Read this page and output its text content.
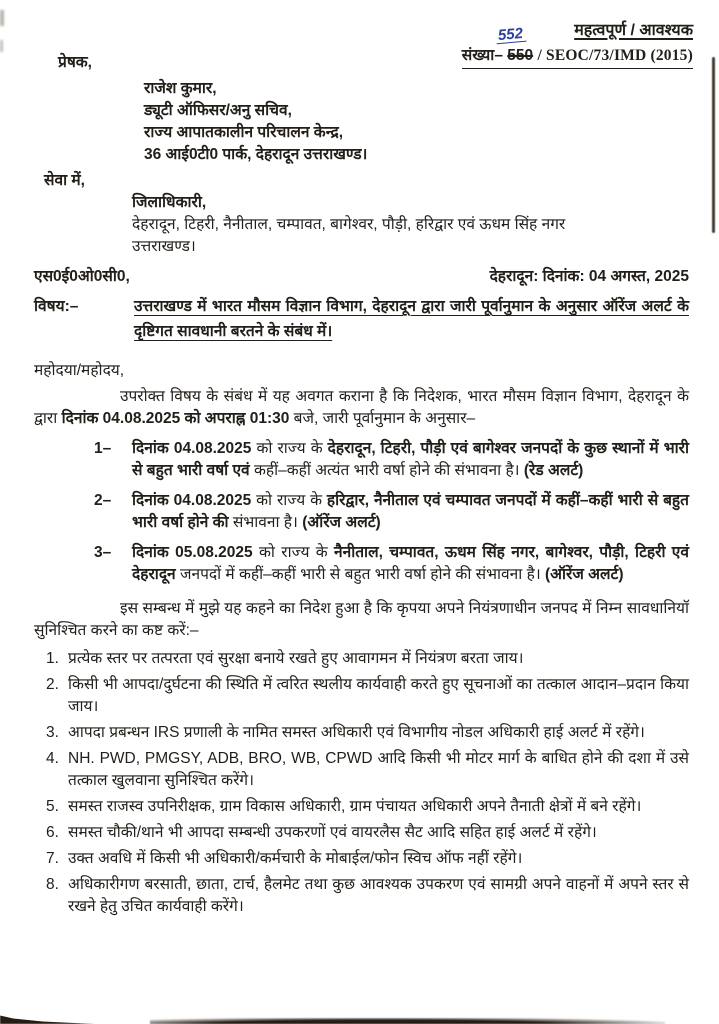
महत्वपूर्ण / आवश्यक
552
संख्या– 550 / SEOC/73/IMD (2015)
प्रेषक,
राजेश कुमार,
ड्यूटी ऑफिसर/अनु सचिव,
राज्य आपातकालीन परिचालन केन्द्र,
36 आई0टी0 पार्क, देहरादून उत्तराखण्ड।
सेवा में,
जिलाधिकारी,
देहरादून, टिहरी, नैनीताल, चम्पावत, बागेश्वर, पौड़ी, हरिद्वार एवं ऊधम सिंह नगर
उत्तराखण्ड।
एस0ई0ओ0सी0,	देहरादून: दिनांक: 04 अगस्त, 2025
विषय:–	उत्तराखण्ड में भारत मौसम विज्ञान विभाग, देहरादून द्वारा जारी पूर्वानुमान के अनुसार ऑरेंज अलर्ट के दृष्टिगत सावधानी बरतने के संबंध में।
महोदया/महोदय,
उपरोक्त विषय के संबंध में यह अवगत कराना है कि निदेशक, भारत मौसम विज्ञान विभाग, देहरादून के द्वारा दिनांक 04.08.2025 को अपराह्न 01:30 बजे, जारी पूर्वानुमान के अनुसार–
1–	दिनांक 04.08.2025 को राज्य के देहरादून, टिहरी, पौड़ी एवं बागेश्वर जनपदों के कुछ स्थानों में भारी से बहुत भारी वर्षा एवं कहीं–कहीं अत्यंत भारी वर्षा होने की संभावना है। (रेड अलर्ट)
2–	दिनांक 04.08.2025 को राज्य के हरिद्वार, नैनीताल एवं चम्पावत जनपदों में कहीं–कहीं भारी से बहुत भारी वर्षा होने की संभावना है। (ऑरेंज अलर्ट)
3–	दिनांक 05.08.2025 को राज्य के नैनीताल, चम्पावत, ऊधम सिंह नगर, बागेश्वर, पौड़ी, टिहरी एवं देहरादून जनपदों में कहीं–कहीं भारी से बहुत भारी वर्षा होने की संभावना है। (ऑरेंज अलर्ट)
इस सम्बन्ध में मुझे यह कहने का निदेश हुआ है कि कृपया अपने नियंत्रणाधीन जनपद में निम्न सावधानियॉ सुनिश्चित करने का कष्ट करें:–
1. प्रत्येक स्तर पर तत्परता एवं सुरक्षा बनाये रखते हुए आवागमन में नियंत्रण बरता जाय।
2. किसी भी आपदा/दुर्घटना की स्थिति में त्वरित स्थलीय कार्यवाही करते हुए सूचनाओं का तत्काल आदान–प्रदान किया जाय।
3. आपदा प्रबन्धन IRS प्रणाली के नामित समस्त अधिकारी एवं विभागीय नोडल अधिकारी हाई अलर्ट में रहेंगे।
4. NH. PWD, PMGSY, ADB, BRO, WB, CPWD आदि किसी भी मोटर मार्ग के बाधित होने की दशा में उसे तत्काल खुलवाना सुनिश्चित करेंगे।
5. समस्त राजस्व उपनिरीक्षक, ग्राम विकास अधिकारी, ग्राम पंचायत अधिकारी अपने तैनाती क्षेत्रों में बने रहेंगे।
6. समस्त चौकी/थाने भी आपदा सम्बन्धी उपकरणों एवं वायरलैस सैट आदि सहित हाई अलर्ट में रहेंगे।
7. उक्त अवधि में किसी भी अधिकारी/कर्मचारी के मोबाईल/फोन स्विच ऑफ नहीं रहेंगे।
8. अधिकारीगण बरसाती, छाता, टार्च, हैलमेट तथा कुछ आवश्यक उपकरण एवं सामग्री अपने वाहनों में अपने स्तर से रखने हेतु उचित कार्यवाही करेंगे।
